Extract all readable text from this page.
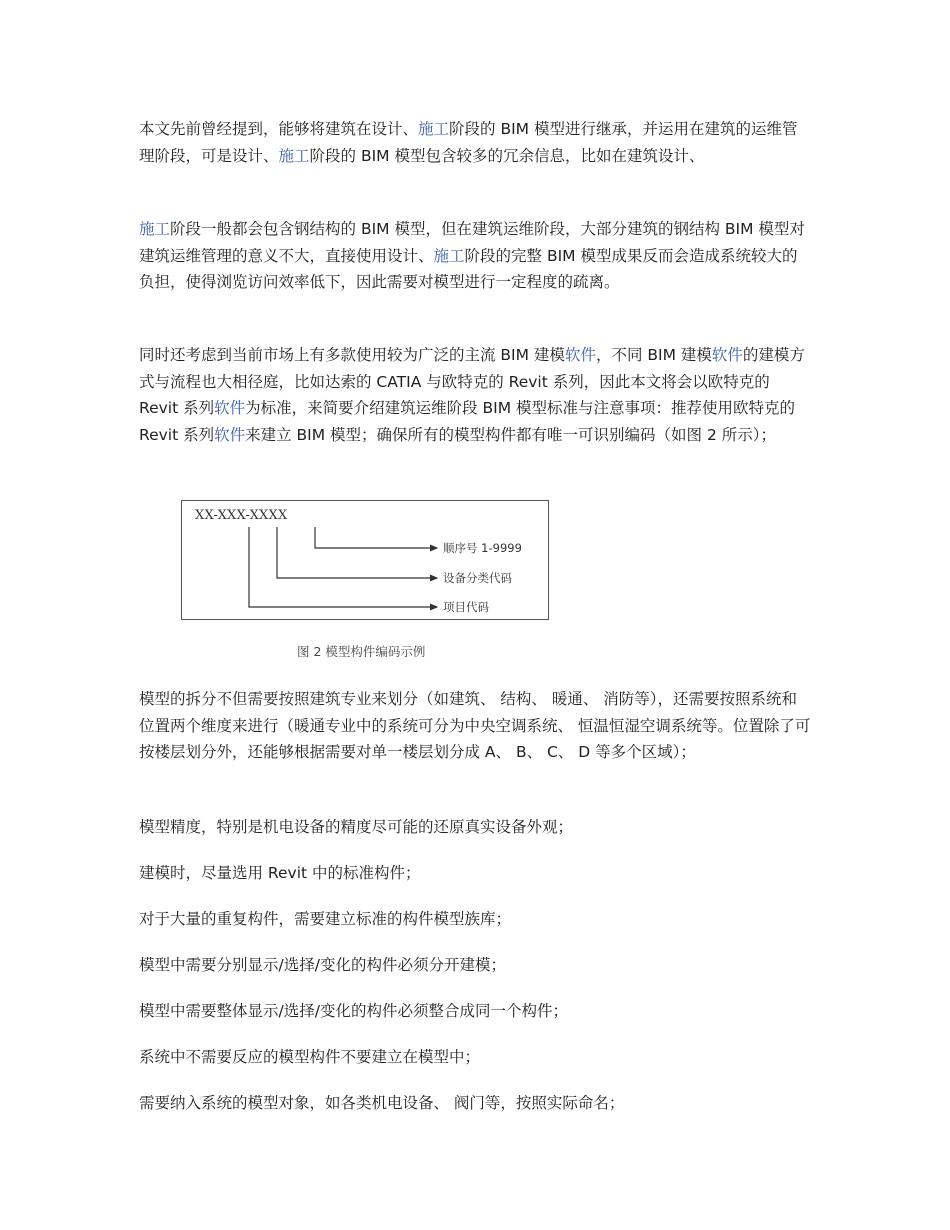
本文先前曾经提到，能够将建筑在设计、施工阶段的 BIM 模型进行继承，并运用在建筑的运维管理阶段，可是设计、施工阶段的 BIM 模型包含较多的冗余信息，比如在建筑设计、

施工阶段一般都会包含钢结构的 BIM 模型，但在建筑运维阶段，大部分建筑的钢结构 BIM 模型对建筑运维管理的意义不大，直接使用设计、施工阶段的完整 BIM 模型成果反而会造成系统较大的负担，使得浏览访问效率低下，因此需要对模型进行一定程度的疏离。

同时还考虑到当前市场上有多款使用较为广泛的主流 BIM 建模软件，不同 BIM 建模软件的建模方式与流程也大相径庭，比如达索的 CATIA 与欧特克的 Revit 系列，因此本文将会以欧特克的 Revit 系列软件为标准，来简要介绍建筑运维阶段 BIM 模型标准与注意事项：推荐使用欧特克的 Revit 系列软件来建立 BIM 模型；确保所有的模型构件都有唯一可识别编码（如图 2 所示）；

XX-XXX-XXXX
顺序号 1-9999
设备分类代码
项目代码
图 2 模型构件编码示例

模型的拆分不但需要按照建筑专业来划分（如建筑、 结构、 暖通、 消防等），还需要按照系统和位置两个维度来进行（暖通专业中的系统可分为中央空调系统、 恒温恒湿空调系统等。位置除了可按楼层划分外，还能够根据需要对单一楼层划分成 A、 B、 C、 D 等多个区域）；

模型精度，特别是机电设备的精度尽可能的还原真实设备外观；

建模时，尽量选用 Revit 中的标准构件；

对于大量的重复构件，需要建立标准的构件模型族库；

模型中需要分别显示/选择/变化的构件必须分开建模；

模型中需要整体显示/选择/变化的构件必须整合成同一个构件；

系统中不需要反应的模型构件不要建立在模型中；

需要纳入系统的模型对象，如各类机电设备、 阀门等，按照实际命名；
